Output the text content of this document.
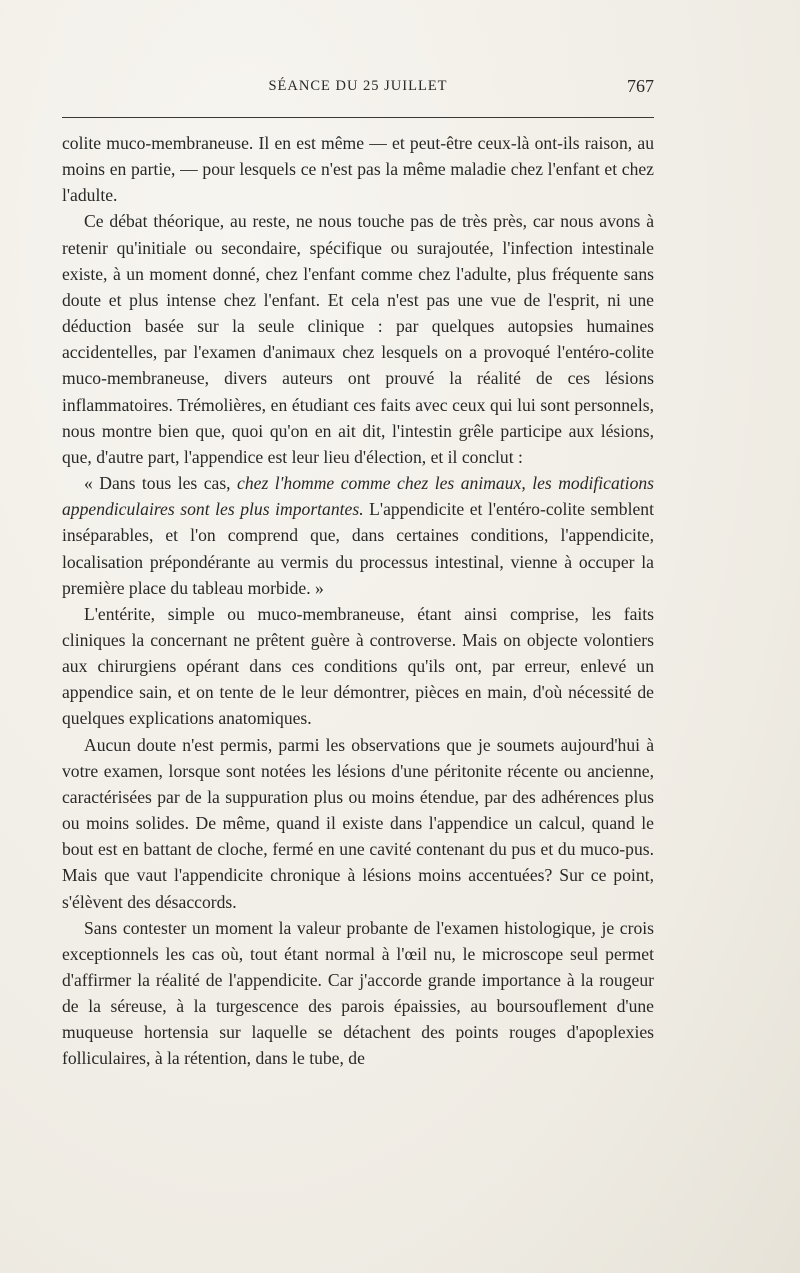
SÉANCE DU 25 JUILLET	767

colite muco-membraneuse. Il en est même — et peut-être ceux-là ont-ils raison, au moins en partie, — pour lesquels ce n'est pas la même maladie chez l'enfant et chez l'adulte.

Ce débat théorique, au reste, ne nous touche pas de très près, car nous avons à retenir qu'initiale ou secondaire, spécifique ou surajoutée, l'infection intestinale existe, à un moment donné, chez l'enfant comme chez l'adulte, plus fréquente sans doute et plus intense chez l'enfant. Et cela n'est pas une vue de l'esprit, ni une déduction basée sur la seule clinique : par quelques autopsies humaines accidentelles, par l'examen d'animaux chez lesquels on a provoqué l'entéro-colite muco-membraneuse, divers auteurs ont prouvé la réalité de ces lésions inflammatoires. Trémolières, en étudiant ces faits avec ceux qui lui sont personnels, nous montre bien que, quoi qu'on en ait dit, l'intestin grêle participe aux lésions, que, d'autre part, l'appendice est leur lieu d'élection, et il conclut :

« Dans tous les cas, chez l'homme comme chez les animaux, les modifications appendiculaires sont les plus importantes. L'appendicite et l'entéro-colite semblent inséparables, et l'on comprend que, dans certaines conditions, l'appendicite, localisation prépondérante au vermis du processus intestinal, vienne à occuper la première place du tableau morbide. »

L'entérite, simple ou muco-membraneuse, étant ainsi comprise, les faits cliniques la concernant ne prêtent guère à controverse. Mais on objecte volontiers aux chirurgiens opérant dans ces conditions qu'ils ont, par erreur, enlevé un appendice sain, et on tente de le leur démontrer, pièces en main, d'où nécessité de quelques explications anatomiques.

Aucun doute n'est permis, parmi les observations que je soumets aujourd'hui à votre examen, lorsque sont notées les lésions d'une péritonite récente ou ancienne, caractérisées par de la suppuration plus ou moins étendue, par des adhérences plus ou moins solides. De même, quand il existe dans l'appendice un calcul, quand le bout est en battant de cloche, fermé en une cavité contenant du pus et du muco-pus. Mais que vaut l'appendicite chronique à lésions moins accentuées? Sur ce point, s'élèvent des désaccords.

Sans contester un moment la valeur probante de l'examen histologique, je crois exceptionnels les cas où, tout étant normal à l'œil nu, le microscope seul permet d'affirmer la réalité de l'appendicite. Car j'accorde grande importance à la rougeur de la séreuse, à la turgescence des parois épaissies, au boursouflement d'une muqueuse hortensia sur laquelle se détachent des points rouges d'apoplexies folliculaires, à la rétention, dans le tube, de
